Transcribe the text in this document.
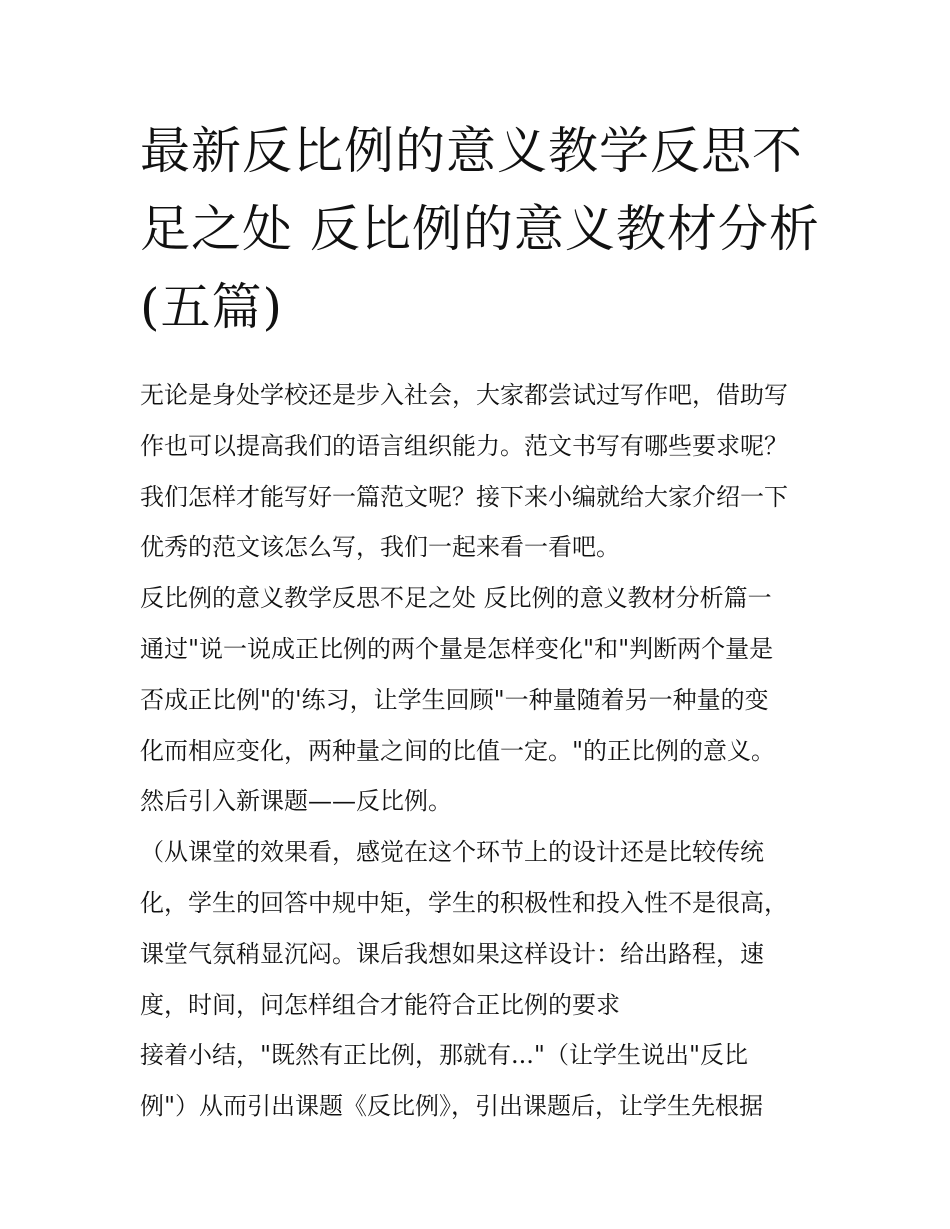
最新反比例的意义教学反思不
足之处 反比例的意义教材分析
(五篇)
无论是身处学校还是步入社会，大家都尝试过写作吧，借助写
作也可以提高我们的语言组织能力。范文书写有哪些要求呢？
我们怎样才能写好一篇范文呢？接下来小编就给大家介绍一下
优秀的范文该怎么写，我们一起来看一看吧。
反比例的意义教学反思不足之处 反比例的意义教材分析篇一
通过"说一说成正比例的两个量是怎样变化"和"判断两个量是
否成正比例"的'练习，让学生回顾"一种量随着另一种量的变
化而相应变化，两种量之间的比值一定。"的正比例的意义。
然后引入新课题——反比例。
（从课堂的效果看，感觉在这个环节上的设计还是比较传统
化，学生的回答中规中矩，学生的积极性和投入性不是很高，
课堂气氛稍显沉闷。课后我想如果这样设计：给出路程，速
度，时间，问怎样组合才能符合正比例的要求
接着小结，"既然有正比例，那就有..."（让学生说出"反比
例"）从而引出课题《反比例》，引出课题后，让学生先根据
